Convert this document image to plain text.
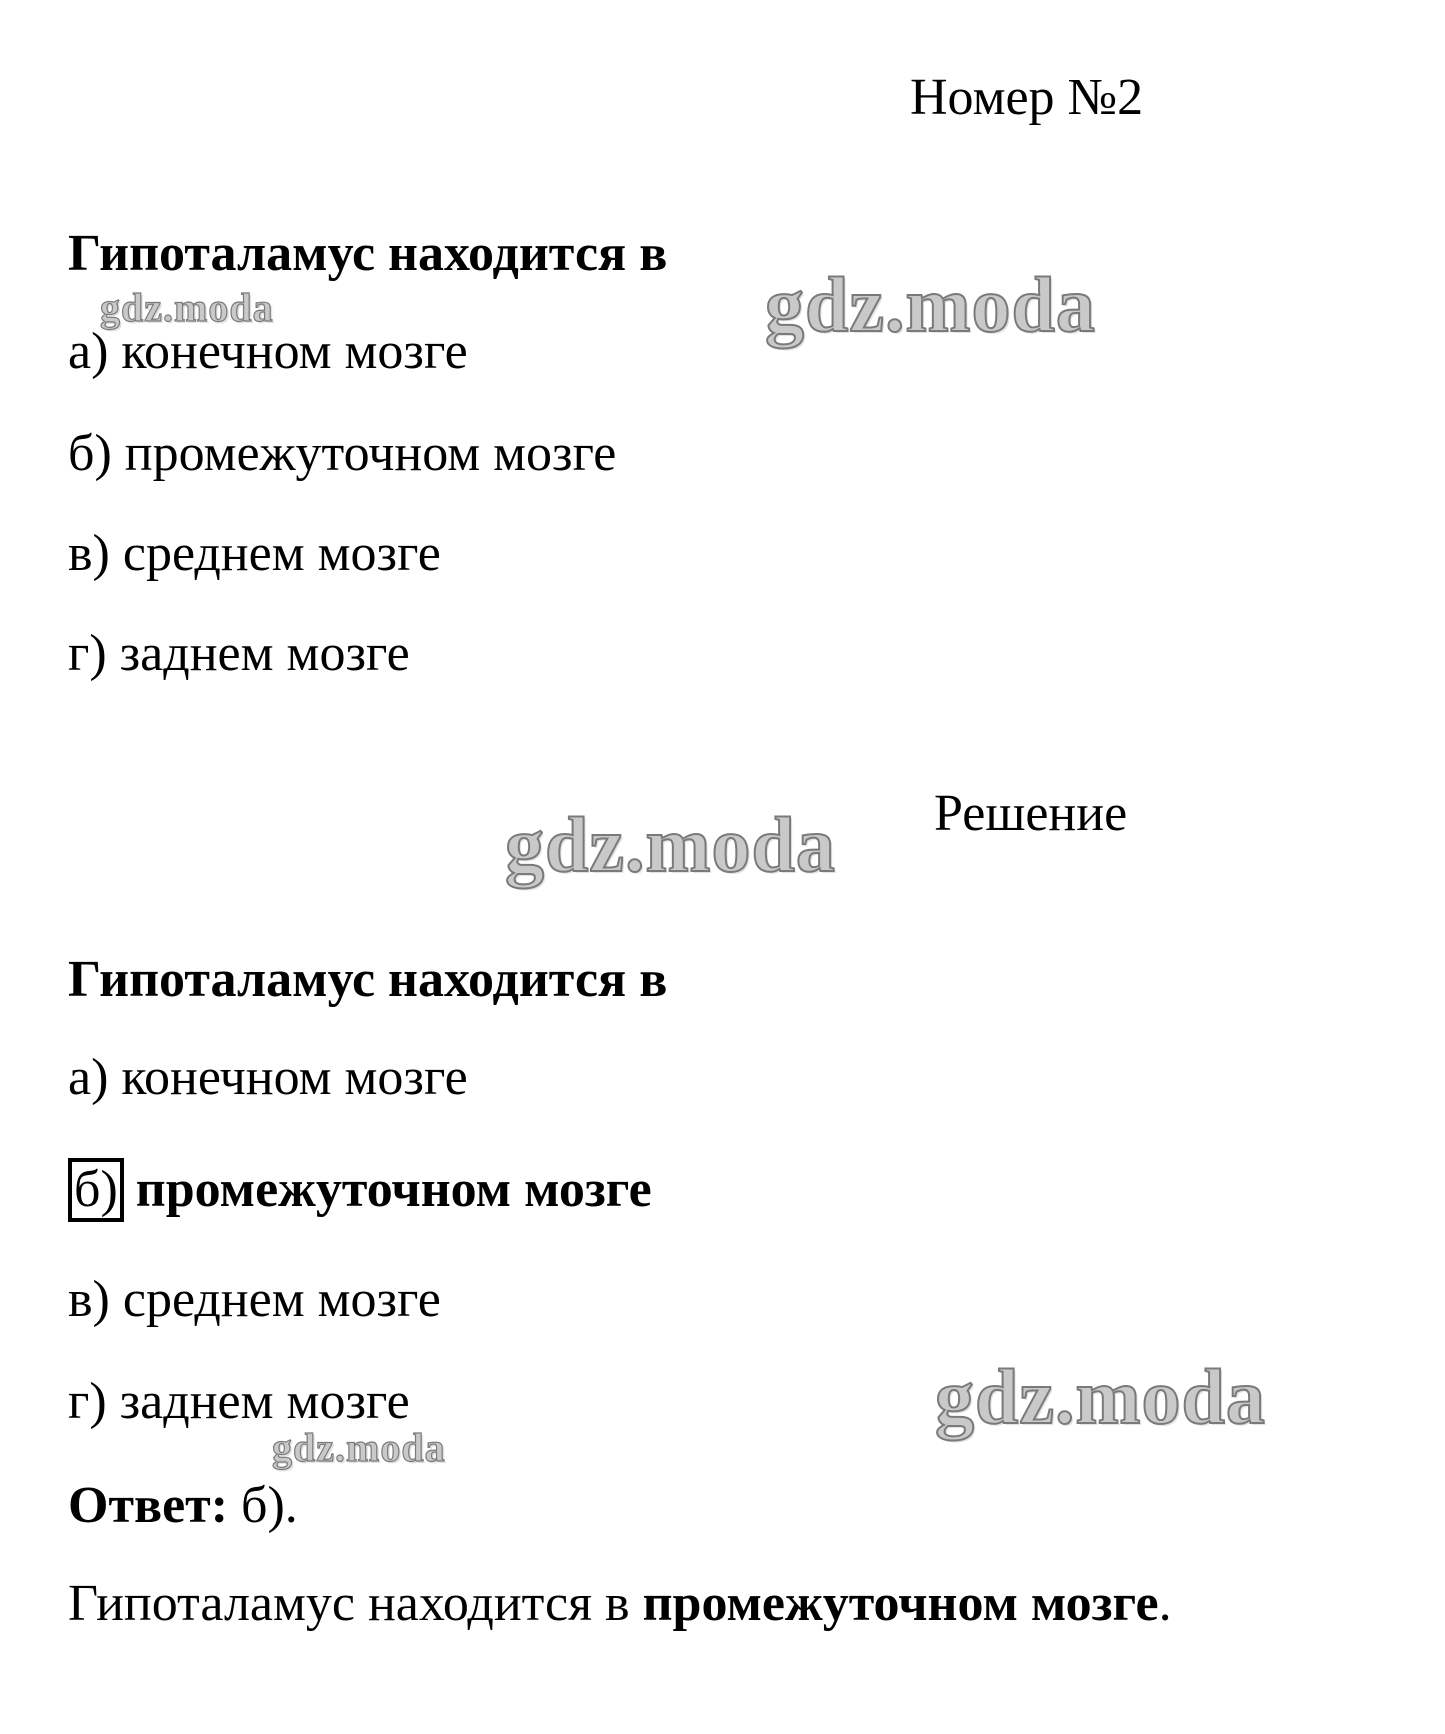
Номер №2

Гипоталамус находится в

а) конечном мозге

б) промежуточном мозге

в) среднем мозге

г) заднем мозге

Решение

Гипоталамус находится в

а) конечном мозге

б) промежуточном мозге

в) среднем мозге

г) заднем мозге

Ответ: б).

Гипоталамус находится в промежуточном мозге.

gdz.moda	gdz.moda
gdz.moda
gdz.moda
gdz.moda
